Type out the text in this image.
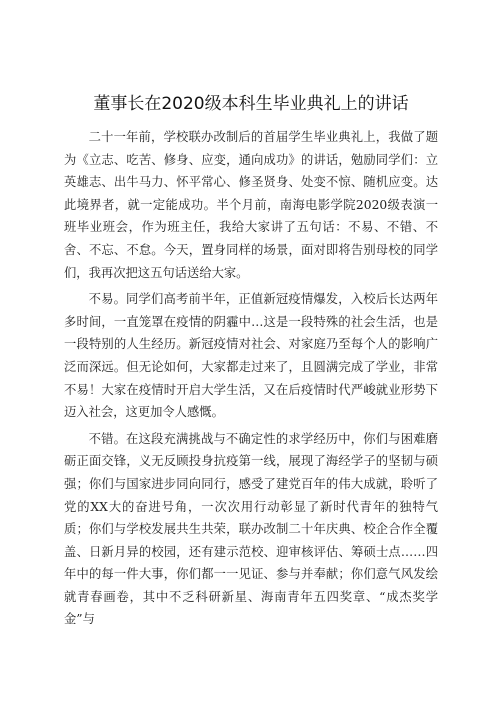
董事长在2020级本科生毕业典礼上的讲话

二十一年前，学校联办改制后的首届学生毕业典礼上，我做了题为《立志、吃苦、修身、应变，通向成功》的讲话，勉励同学们：立英雄志、出牛马力、怀平常心、修圣贤身、处变不惊、随机应变。达此境界者，就一定能成功。半个月前，南海电影学院2020级表演一班毕业班会，作为班主任，我给大家讲了五句话：不易、不错、不舍、不忘、不怠。今天，置身同样的场景，面对即将告别母校的同学们，我再次把这五句话送给大家。

不易。同学们高考前半年，正值新冠疫情爆发，入校后长达两年多时间，一直笼罩在疫情的阴霾中…这是一段特殊的社会生活，也是一段特别的人生经历。新冠疫情对社会、对家庭乃至每个人的影响广泛而深远。但无论如何，大家都走过来了，且圆满完成了学业，非常不易！大家在疫情时开启大学生活，又在后疫情时代严峻就业形势下迈入社会，这更加令人感慨。

不错。在这段充满挑战与不确定性的求学经历中，你们与困难磨砺正面交锋，义无反顾投身抗疫第一线，展现了海经学子的坚韧与硕强；你们与国家进步同向同行，感受了建党百年的伟大成就，聆听了党的XX大的奋进号角，一次次用行动彰显了新时代青年的独特气质；你们与学校发展共生共荣，联办改制二十年庆典、校企合作全覆盖、日新月异的校园，还有建示范校、迎审核评估、筹硕士点……四年中的每一件大事，你们都一一见证、参与并奉献；你们意气风发绘就青春画卷，其中不乏科研新星、海南青年五四奖章、“成杰奖学金”与
